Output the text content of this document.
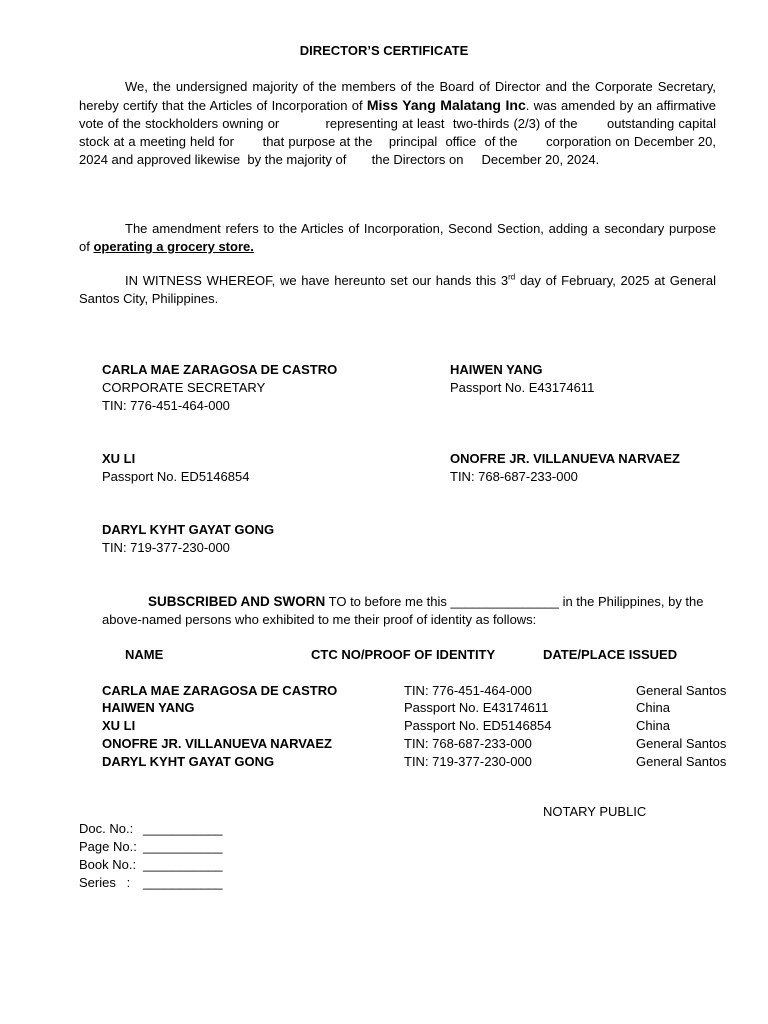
DIRECTOR’S CERTIFICATE
We, the undersigned majority of the members of the Board of Director and the Corporate Secretary, hereby certify that the Articles of Incorporation of Miss Yang Malatang Inc. was amended by an affirmative vote of the stockholders owning or           representing at least  two-thirds (2/3) of the       outstanding capital stock at a meeting held for       that purpose at the    principal  office  of the       corporation on December 20, 2024 and approved likewise  by the majority of       the Directors on     December 20, 2024.
The amendment refers to the Articles of Incorporation, Second Section, adding a secondary purpose of operating a grocery store.
IN WITNESS WHEREOF, we have hereunto set our hands this 3rd day of February, 2025 at General Santos City, Philippines.
CARLA MAE ZARAGOSA DE CASTRO
CORPORATE SECRETARY
TIN: 776-451-464-000
HAIWEN YANG
Passport No. E43174611
XU LI
Passport No. ED5146854
ONOFRE JR. VILLANUEVA NARVAEZ
TIN: 768-687-233-000
DARYL KYHT GAYAT GONG
TIN: 719-377-230-000
SUBSCRIBED AND SWORN TO to before me this _______________ in the Philippines, by the
above-named persons who exhibited to me their proof of identity as follows:
NAME	CTC NO/PROOF OF IDENTITY	DATE/PLACE ISSUED
CARLA MAE ZARAGOSA DE CASTRO	TIN: 776-451-464-000	General Santos
HAIWEN YANG	Passport No. E43174611	China
XU LI	Passport No. ED5146854	China
ONOFRE JR. VILLANUEVA NARVAEZ	TIN: 768-687-233-000	General Santos
DARYL KYHT GAYAT GONG	TIN: 719-377-230-000	General Santos
NOTARY PUBLIC
Doc. No.: ___________
Page No.: ___________
Book No.: ___________
Series   : ___________
